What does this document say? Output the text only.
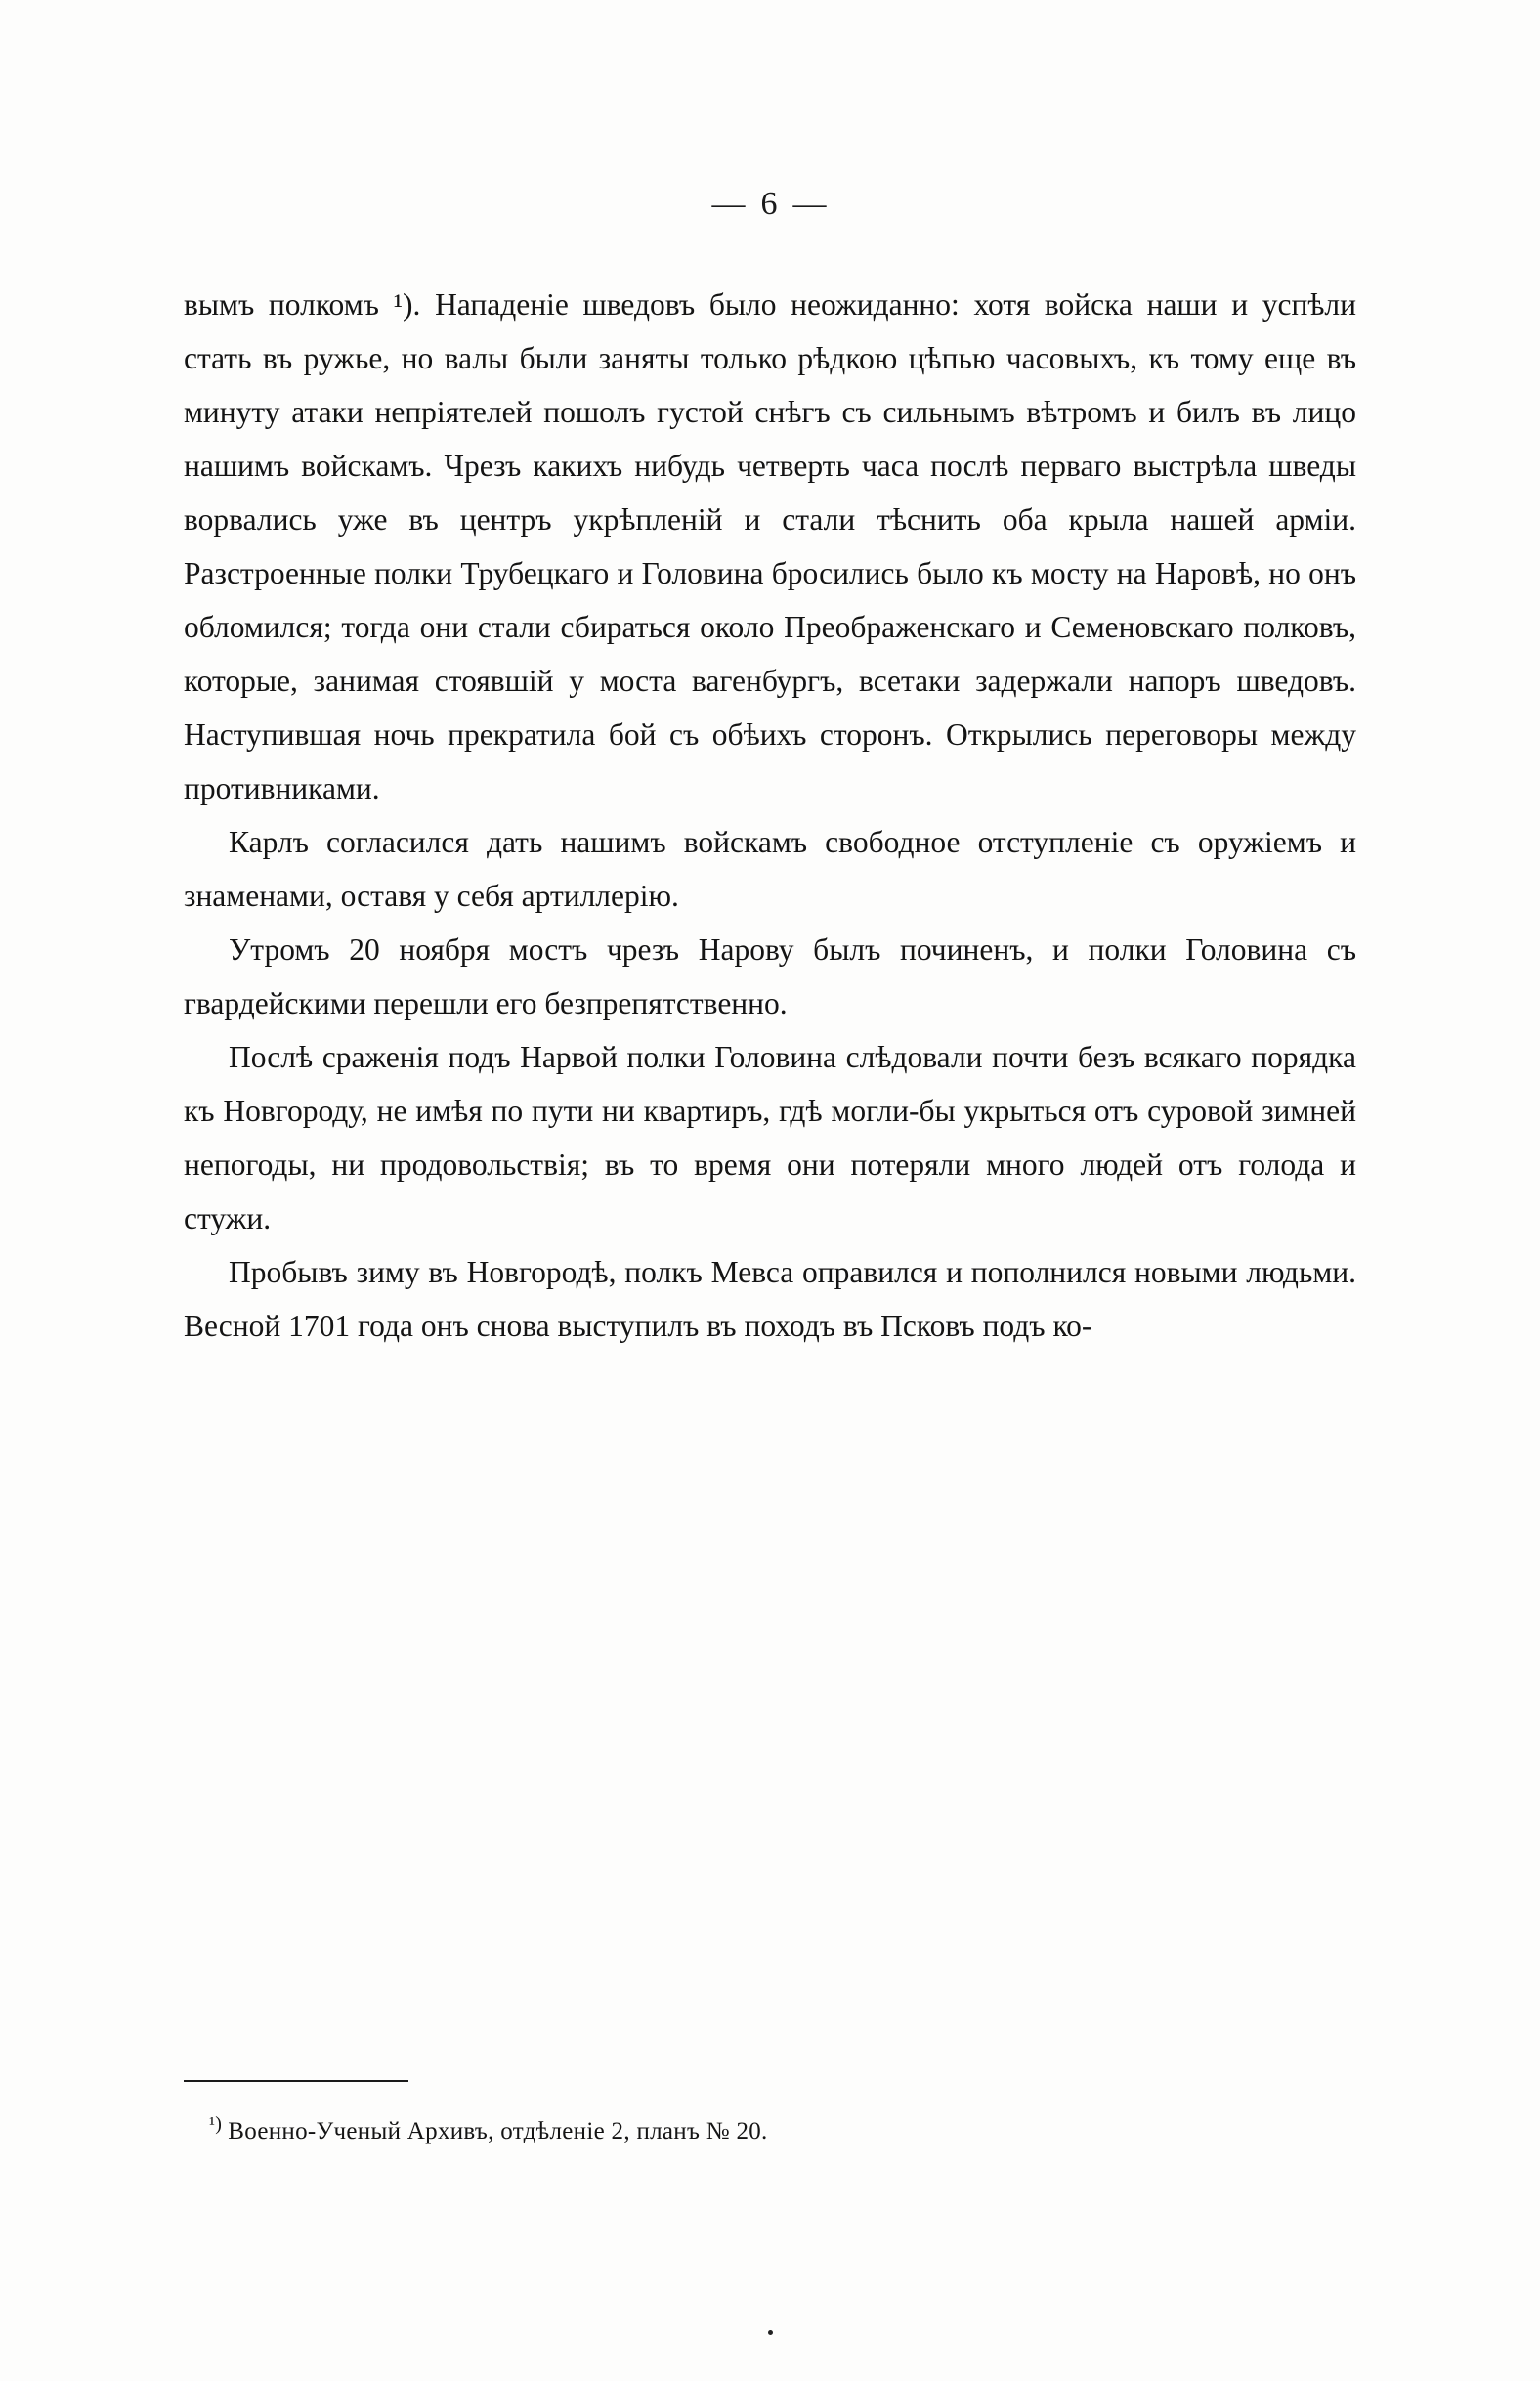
— 6 —

вымъ полкомъ ¹). Нападеніе шведовъ было неожиданно: хотя войска наши и успѣли стать въ ружье, но валы были заняты только рѣдкою цѣпью часовыхъ, къ тому еще въ минуту атаки непріятелей пошолъ густой снѣгъ съ сильнымъ вѣтромъ и билъ въ лицо нашимъ войскамъ. Чрезъ какихъ нибудь четверть часа послѣ перваго выстрѣла шведы ворвались уже въ центръ укрѣпленій и стали тѣснить оба крыла нашей арміи. Разстроенные полки Трубецкаго и Головина бросились было къ мосту на Наровѣ, но онъ обломился; тогда они стали сбираться около Преображенскаго и Семеновскаго полковъ, которые, занимая стоявшій у моста вагенбургъ, всетаки задержали напоръ шведовъ. Наступившая ночь прекратила бой съ обѣихъ сторонъ. Открылись переговоры между противниками.

Карлъ согласился дать нашимъ войскамъ свободное отступленіе съ оружіемъ и знаменами, оставя у себя артиллерію.

Утромъ 20 ноября мостъ чрезъ Нарову былъ починенъ, и полки Головина съ гвардейскими перешли его безпрепятственно.

Послѣ сраженія подъ Нарвой полки Головина слѣдовали почти безъ всякаго порядка къ Новгороду, не имѣя по пути ни квартиръ, гдѣ могли-бы укрыться отъ суровой зимней непогоды, ни продовольствія; въ то время они потеряли много людей отъ голода и стужи.

Пробывъ зиму въ Новгородѣ, полкъ Мевса оправился и пополнился новыми людьми. Весной 1701 года онъ снова выступилъ въ походъ въ Псковъ подъ ко-

$^{^1)}$ Военно-Ученый Архивъ, отдѣленіе 2, планъ № 20.
